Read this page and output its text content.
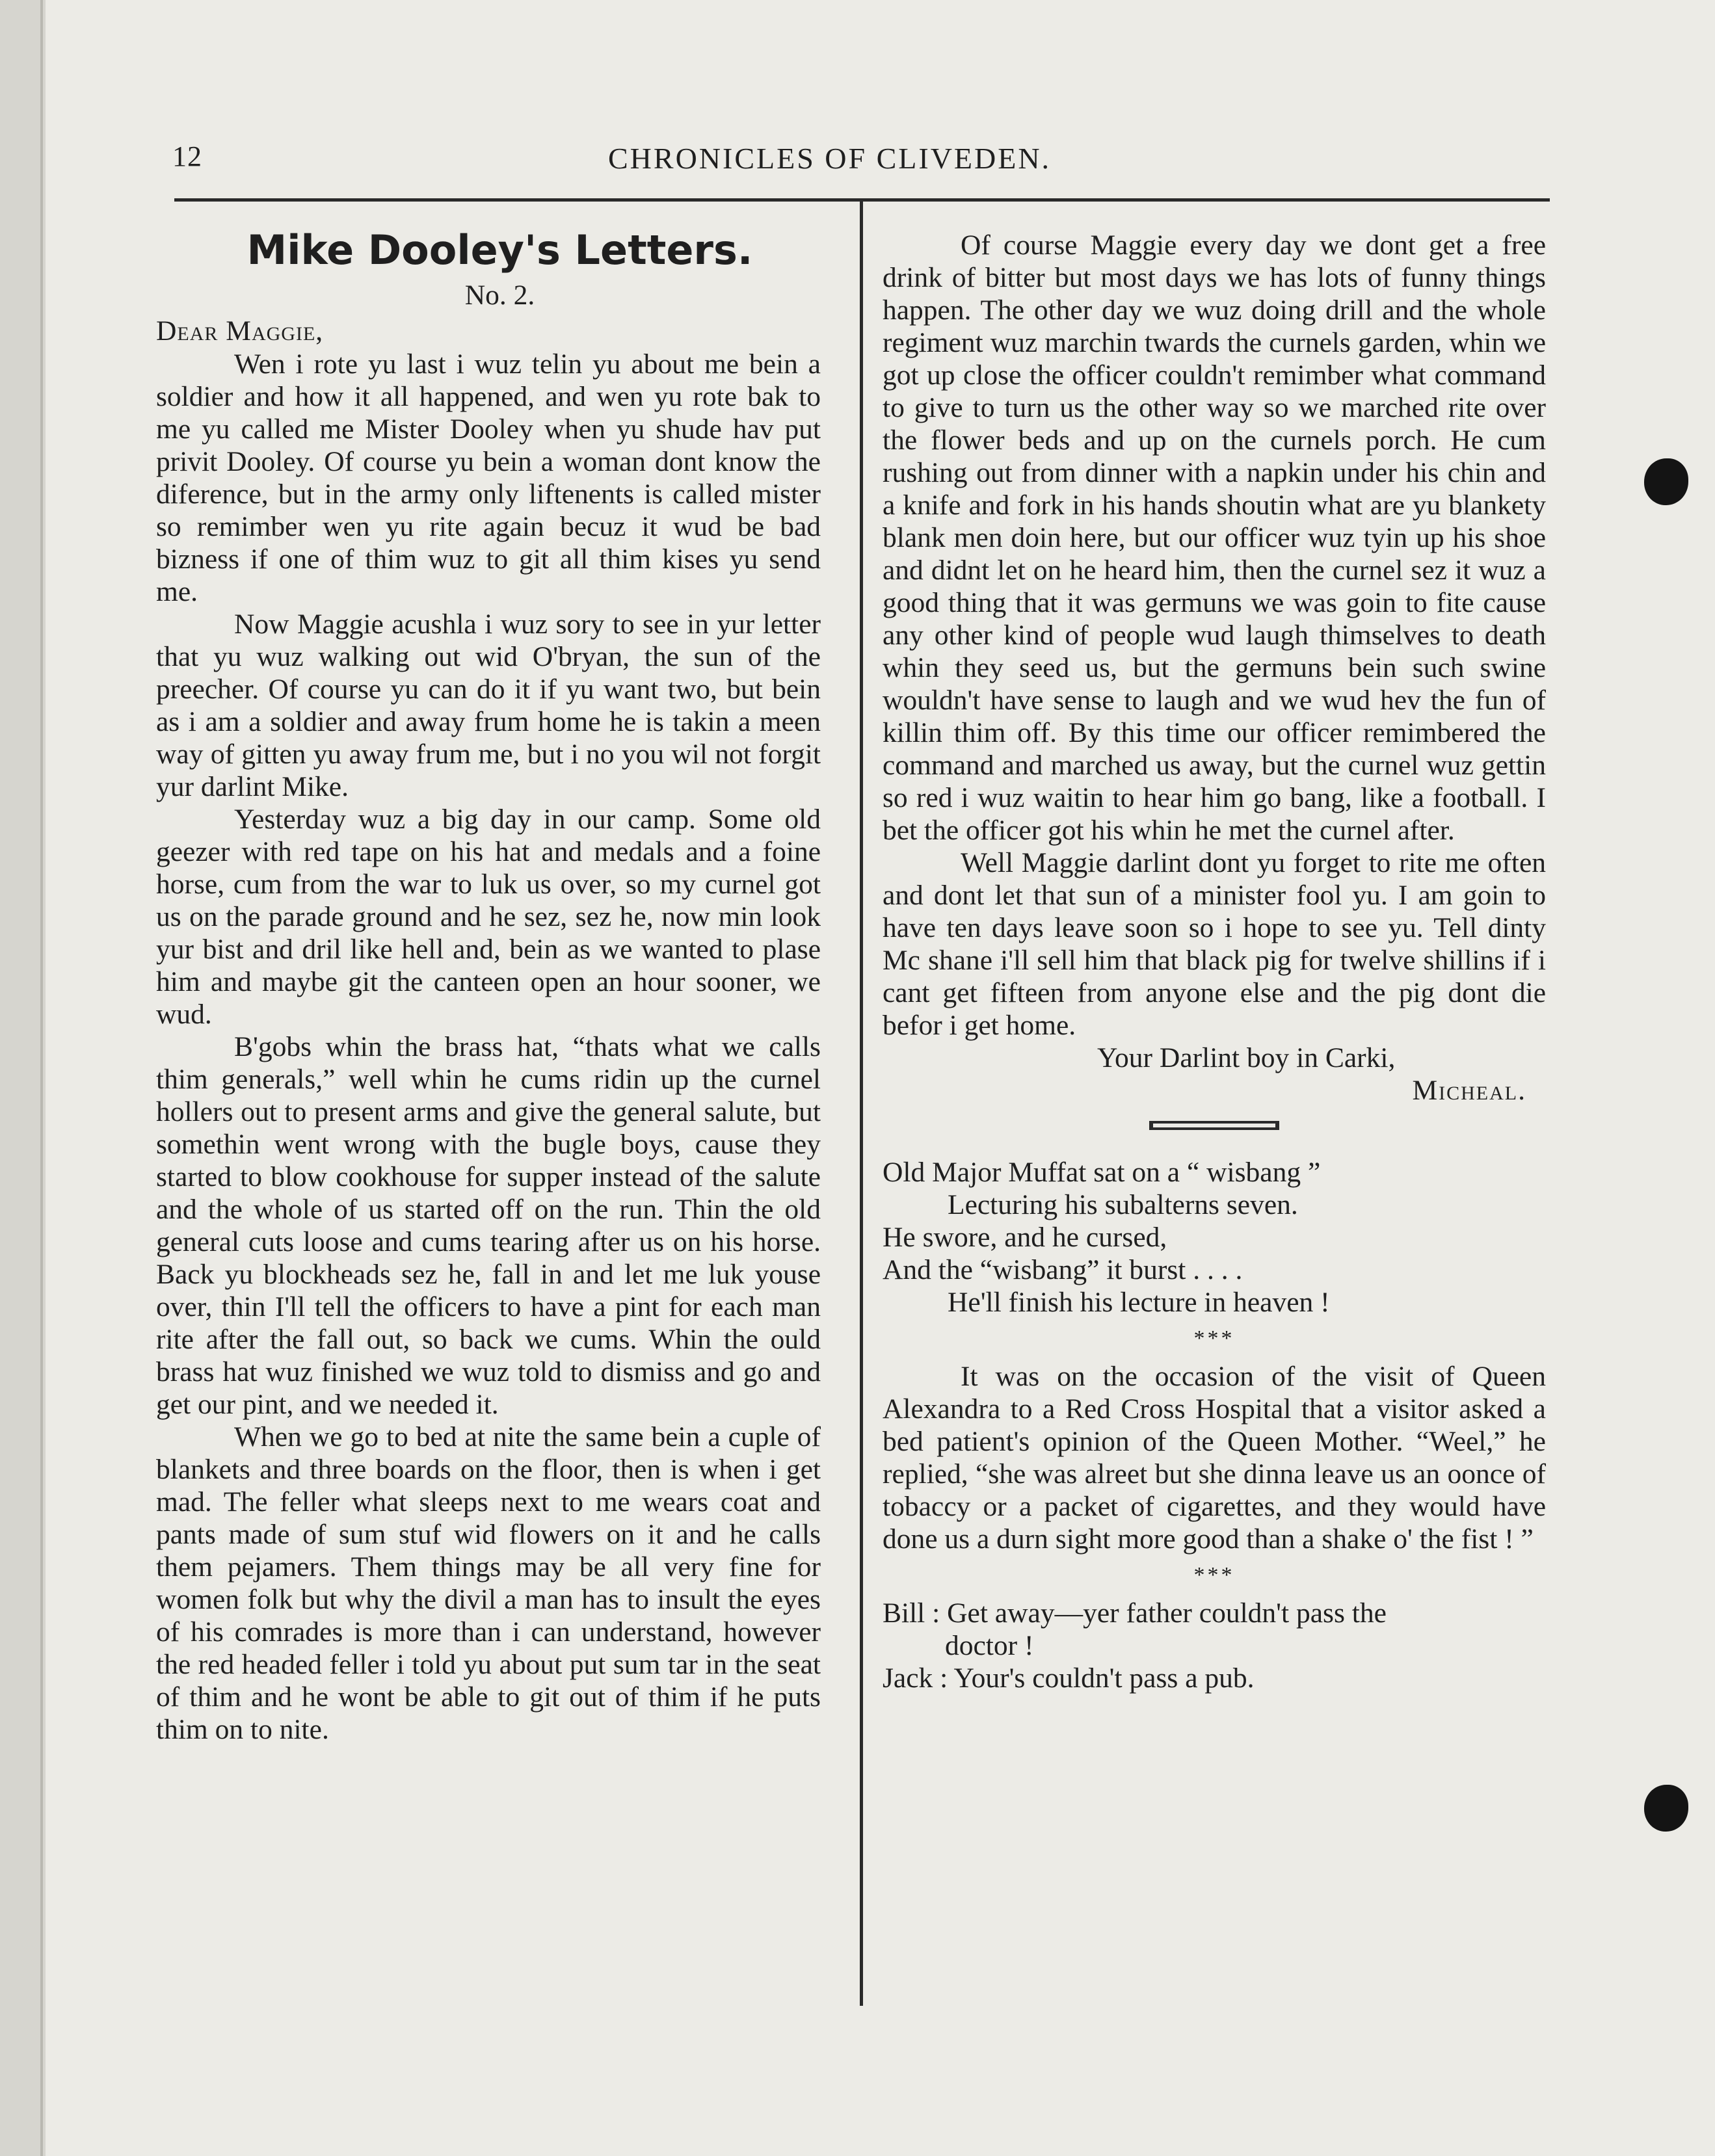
12	CHRONICLES OF CLIVEDEN.
Mike Dooley's Letters.
No. 2.
Dear Maggie,

Wen i rote yu last i wuz telin yu about me bein a soldier and how it all happened, and wen yu rote bak to me yu called me Mister Dooley when yu shude hav put privit Dooley. Of course yu bein a woman dont know the diference, but in the army only liftenents is called mister so remimber wen yu rite again becuz it wud be bad bizness if one of thim wuz to git all thim kises yu send me.

Now Maggie acushla i wuz sory to see in yur letter that yu wuz walking out wid O'bryan, the sun of the preecher. Of course yu can do it if yu want two, but bein as i am a soldier and away frum home he is takin a meen way of gitten yu away frum me, but i no you wil not forgit yur darlint Mike.

Yesterday wuz a big day in our camp. Some old geezer with red tape on his hat and medals and a foine horse, cum from the war to luk us over, so my curnel got us on the parade ground and he sez, sez he, now min look yur bist and dril like hell and, bein as we wanted to plase him and maybe git the canteen open an hour sooner, we wud.

B'gobs whin the brass hat, “thats what we calls thim generals,” well whin he cums ridin up the curnel hollers out to present arms and give the general salute, but somethin went wrong with the bugle boys, cause they started to blow cookhouse for supper instead of the salute and the whole of us started off on the run. Thin the old general cuts loose and cums tearing after us on his horse. Back yu blockheads sez he, fall in and let me luk youse over, thin I'll tell the officers to have a pint for each man rite after the fall out, so back we cums. Whin the ould brass hat wuz finished we wuz told to dismiss and go and get our pint, and we needed it.

When we go to bed at nite the same bein a cuple of blankets and three boards on the floor, then is when i get mad. The feller what sleeps next to me wears coat and pants made of sum stuf wid flowers on it and he calls them pejamers. Them things may be all very fine for women folk but why the divil a man has to insult the eyes of his comrades is more than i can understand, however the red headed feller i told yu about put sum tar in the seat of thim and he wont be able to git out of thim if he puts thim on to nite.

Of course Maggie every day we dont get a free drink of bitter but most days we has lots of funny things happen. The other day we wuz doing drill and the whole regiment wuz marchin twards the curnels garden, whin we got up close the officer couldn't remimber what command to give to turn us the other way so we marched rite over the flower beds and up on the curnels porch. He cum rushing out from dinner with a napkin under his chin and a knife and fork in his hands shoutin what are yu blankety blank men doin here, but our officer wuz tyin up his shoe and didnt let on he heard him, then the curnel sez it wuz a good thing that it was germuns we was goin to fite cause any other kind of people wud laugh thimselves to death whin they seed us, but the germuns bein such swine wouldn't have sense to laugh and we wud hev the fun of killin thim off. By this time our officer remimbered the command and marched us away, but the curnel wuz gettin so red i wuz waitin to hear him go bang, like a football. I bet the officer got his whin he met the curnel after.

Well Maggie darlint dont yu forget to rite me often and dont let that sun of a minister fool yu. I am goin to have ten days leave soon so i hope to see yu. Tell dinty Mc shane i'll sell him that black pig for twelve shillins if i cant get fifteen from anyone else and the pig dont die befor i get home.

Your Darlint boy in Carki,

Micheal.

Old Major Muffat sat on a “ wisbang ”
Lecturing his subalterns seven.
He swore, and he cursed,
And the “wisbang” it burst . . . .
He'll finish his lecture in heaven !
***

It was on the occasion of the visit of Queen Alexandra to a Red Cross Hospital that a visitor asked a bed patient's opinion of the Queen Mother. “Weel,” he replied, “she was alreet but she dinna leave us an oonce of tobaccy or a packet of cigarettes, and they would have done us a durn sight more good than a shake o' the fist ! ”

***
Bill : Get away—yer father couldn't pass the
doctor !
Jack : Your's couldn't pass a pub.
